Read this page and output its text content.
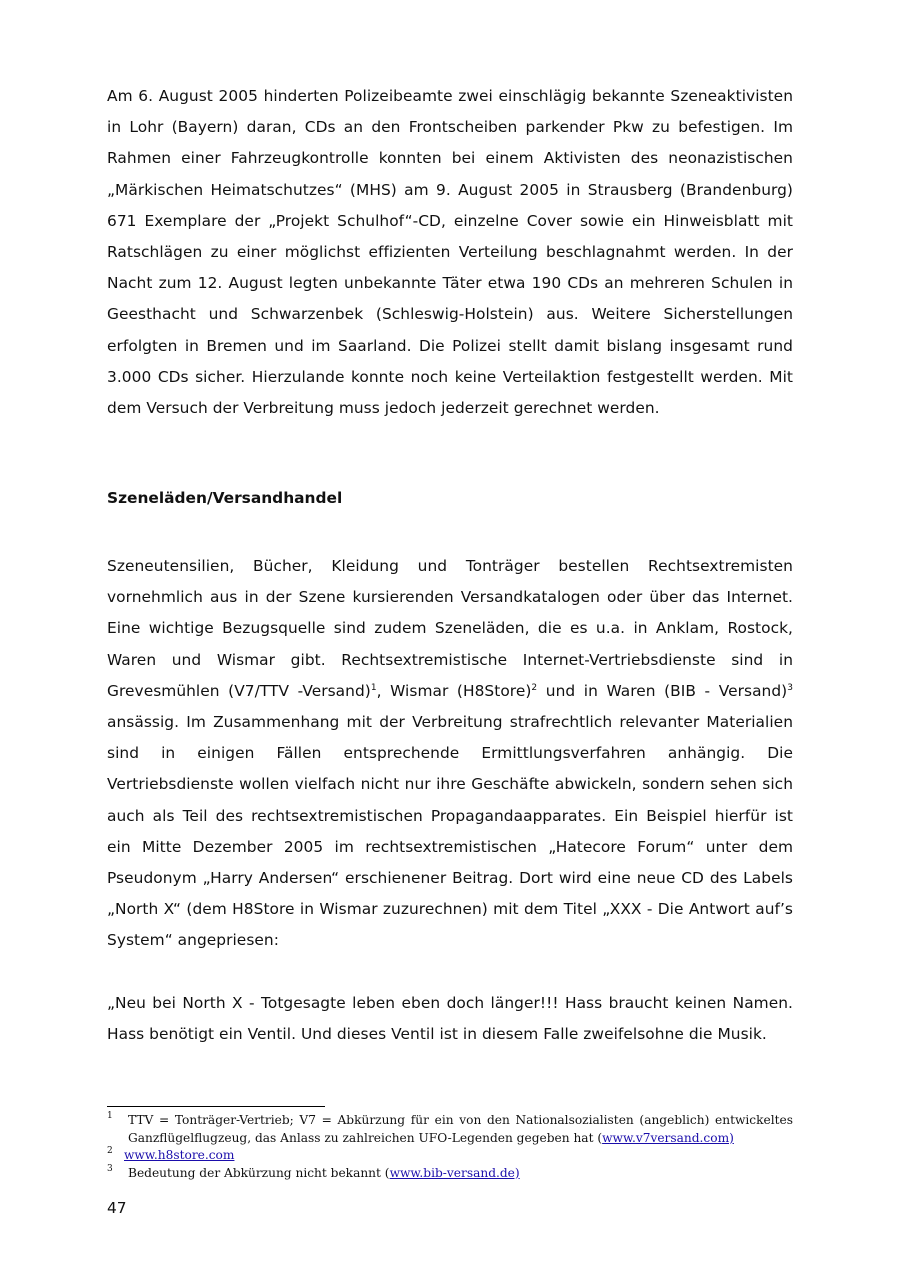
Am 6. August 2005 hinderten Polizeibeamte zwei einschlägig bekannte Szeneaktivisten in Lohr (Bayern) daran, CDs an den Frontscheiben parkender Pkw zu befestigen. Im Rahmen einer Fahrzeugkontrolle konnten bei einem Aktivisten des neonazistischen „Märkischen Heimatschutzes“ (MHS) am 9. August 2005 in Strausberg (Brandenburg) 671 Exemplare der „Projekt Schulhof“-CD, einzelne Cover sowie ein Hinweisblatt mit Ratschlägen zu einer möglichst effizienten Verteilung beschlagnahmt werden. In der Nacht zum 12. August legten unbekannte Täter etwa 190 CDs an mehreren Schulen in Geesthacht und Schwarzenbek (Schleswig-Holstein) aus. Weitere Sicherstellungen erfolgten in Bremen und im Saarland. Die Polizei stellt damit bislang insgesamt rund 3.000 CDs sicher. Hierzulande konnte noch keine Verteilaktion festgestellt werden. Mit dem Versuch der Verbreitung muss jedoch jederzeit gerechnet werden.

Szeneläden/Versandhandel

Szeneutensilien, Bücher, Kleidung und Tonträger bestellen Rechtsextremisten vornehmlich aus in der Szene kursierenden Versandkatalogen oder über das Internet. Eine wichtige Bezugsquelle sind zudem Szeneläden, die es u.a. in Anklam, Rostock, Waren und Wismar gibt. Rechtsextremistische Internet-Vertriebsdienste sind in Grevesmühlen (V7/TTV -Versand)$^1$, Wismar (H8Store)$^2$ und in Waren (BIB - Versand)$^3$ ansässig. Im Zusammenhang mit der Verbreitung strafrechtlich relevanter Materialien sind in einigen Fällen entsprechende Ermittlungsverfahren anhängig. Die Vertriebsdienste wollen vielfach nicht nur ihre Geschäfte abwickeln, sondern sehen sich auch als Teil des rechtsextremistischen Propagandaapparates. Ein Beispiel hierfür ist ein Mitte Dezember 2005 im rechtsextremistischen „Hatecore Forum“ unter dem Pseudonym „Harry Andersen“ erschienener Beitrag. Dort wird eine neue CD des Labels „North X“ (dem H8Store in Wismar zuzurechnen) mit dem Titel „XXX - Die Antwort auf’s System“ angepriesen:

„Neu bei North X - Totgesagte leben eben doch länger!!! Hass braucht keinen Namen. Hass benötigt ein Ventil. Und dieses Ventil ist in diesem Falle zweifelsohne die Musik.

1 TTV = Tonträger-Vertrieb; V7 = Abkürzung für ein von den Nationalsozialisten (angeblich) entwickeltes Ganzflügelflugzeug, das Anlass zu zahlreichen UFO-Legenden gegeben hat (www.v7versand.com)
2 www.h8store.com
3 Bedeutung der Abkürzung nicht bekannt (www.bib-versand.de)
47
